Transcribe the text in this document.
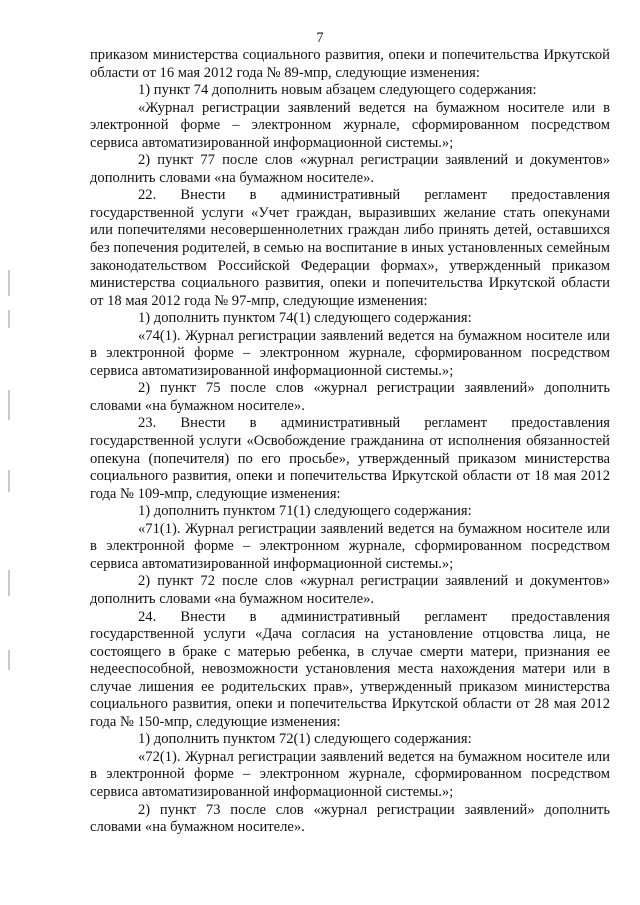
7

приказом министерства социального развития, опеки и попечительства Иркутской области от 16 мая 2012 года № 89-мпр, следующие изменения:

1) пункт 74 дополнить новым абзацем следующего содержания:

«Журнал регистрации заявлений ведется на бумажном носителе или в электронной форме – электронном журнале, сформированном посредством сервиса автоматизированной информационной системы.»;

2) пункт 77 после слов «журнал регистрации заявлений и документов» дополнить словами «на бумажном носителе».

22. Внести в административный регламент предоставления государственной услуги «Учет граждан, выразивших желание стать опекунами или попечителями несовершеннолетних граждан либо принять детей, оставшихся без попечения родителей, в семью на воспитание в иных установленных семейным законодательством Российской Федерации формах», утвержденный приказом министерства социального развития, опеки и попечительства Иркутской области от 18 мая 2012 года № 97-мпр, следующие изменения:

1) дополнить пунктом 74(1) следующего содержания:

«74(1). Журнал регистрации заявлений ведется на бумажном носителе или в электронной форме – электронном журнале, сформированном посредством сервиса автоматизированной информационной системы.»;

2) пункт 75 после слов «журнал регистрации заявлений» дополнить словами «на бумажном носителе».

23. Внести в административный регламент предоставления государственной услуги «Освобождение гражданина от исполнения обязанностей опекуна (попечителя) по его просьбе», утвержденный приказом министерства социального развития, опеки и попечительства Иркутской области от 18 мая 2012 года № 109-мпр, следующие изменения:

1) дополнить пунктом 71(1) следующего содержания:

«71(1). Журнал регистрации заявлений ведется на бумажном носителе или в электронной форме – электронном журнале, сформированном посредством сервиса автоматизированной информационной системы.»;

2) пункт 72 после слов «журнал регистрации заявлений и документов» дополнить словами «на бумажном носителе».

24. Внести в административный регламент предоставления государственной услуги «Дача согласия на установление отцовства лица, не состоящего в браке с матерью ребенка, в случае смерти матери, признания ее недееспособной, невозможности установления места нахождения матери или в случае лишения ее родительских прав», утвержденный приказом министерства социального развития, опеки и попечительства Иркутской области от 28 мая 2012 года № 150-мпр, следующие изменения:

1) дополнить пунктом 72(1) следующего содержания:

«72(1). Журнал регистрации заявлений ведется на бумажном носителе или в электронной форме – электронном журнале, сформированном посредством сервиса автоматизированной информационной системы.»;

2) пункт 73 после слов «журнал регистрации заявлений» дополнить словами «на бумажном носителе».
